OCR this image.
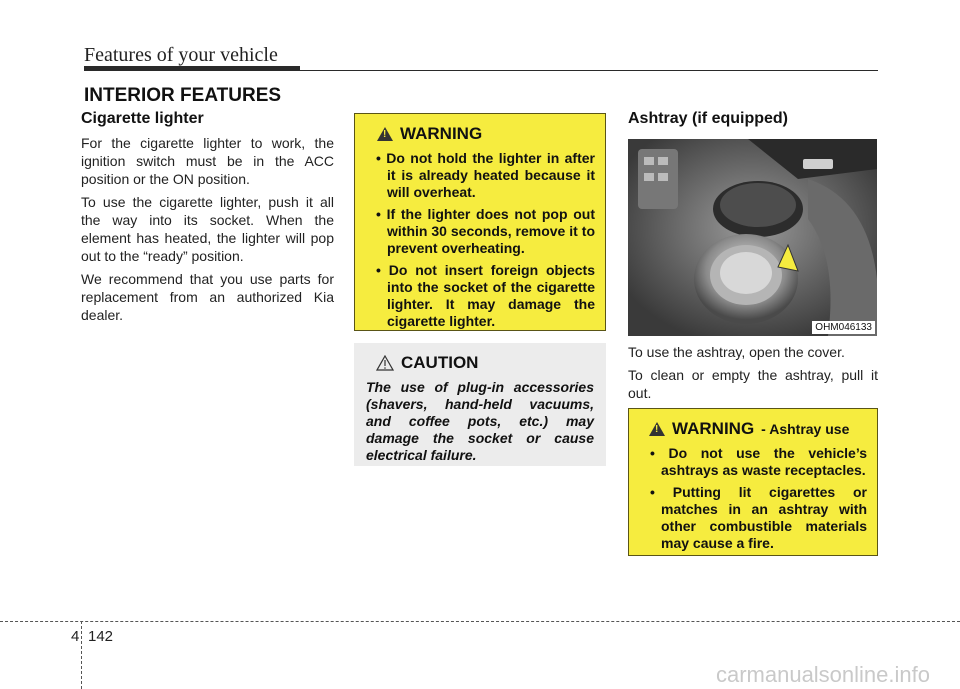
Features of your vehicle
INTERIOR FEATURES
Cigarette lighter

For the cigarette lighter to work, the ignition switch must be in the ACC position or the ON position.

To use the cigarette lighter, push it all the way into its socket. When the element has heated, the lighter will pop out to the “ready” position.

We recommend that you use parts for replacement from an authorized Kia dealer.

!
WARNING
• Do not hold the lighter in after it is already heated because it will overheat.
• If the lighter does not pop out within 30 seconds, remove it to prevent overheating.
• Do not insert foreign objects into the socket of the cigarette lighter. It may damage the cigarette lighter.
CAUTION
The use of plug-in accessories (shavers, hand-held vacuums, and coffee pots, etc.) may damage the socket or cause electrical failure.
Ashtray (if equipped)
OHM046133

To use the ashtray, open the cover.

To clean or empty the ashtray, pull it out.

!
WARNING - Ashtray use
• Do not use the vehicle’s ashtrays as waste receptacles.
• Putting lit cigarettes or matches in an ashtray with other combustible materials may cause a fire.
4 142
carmanualsonline.info
